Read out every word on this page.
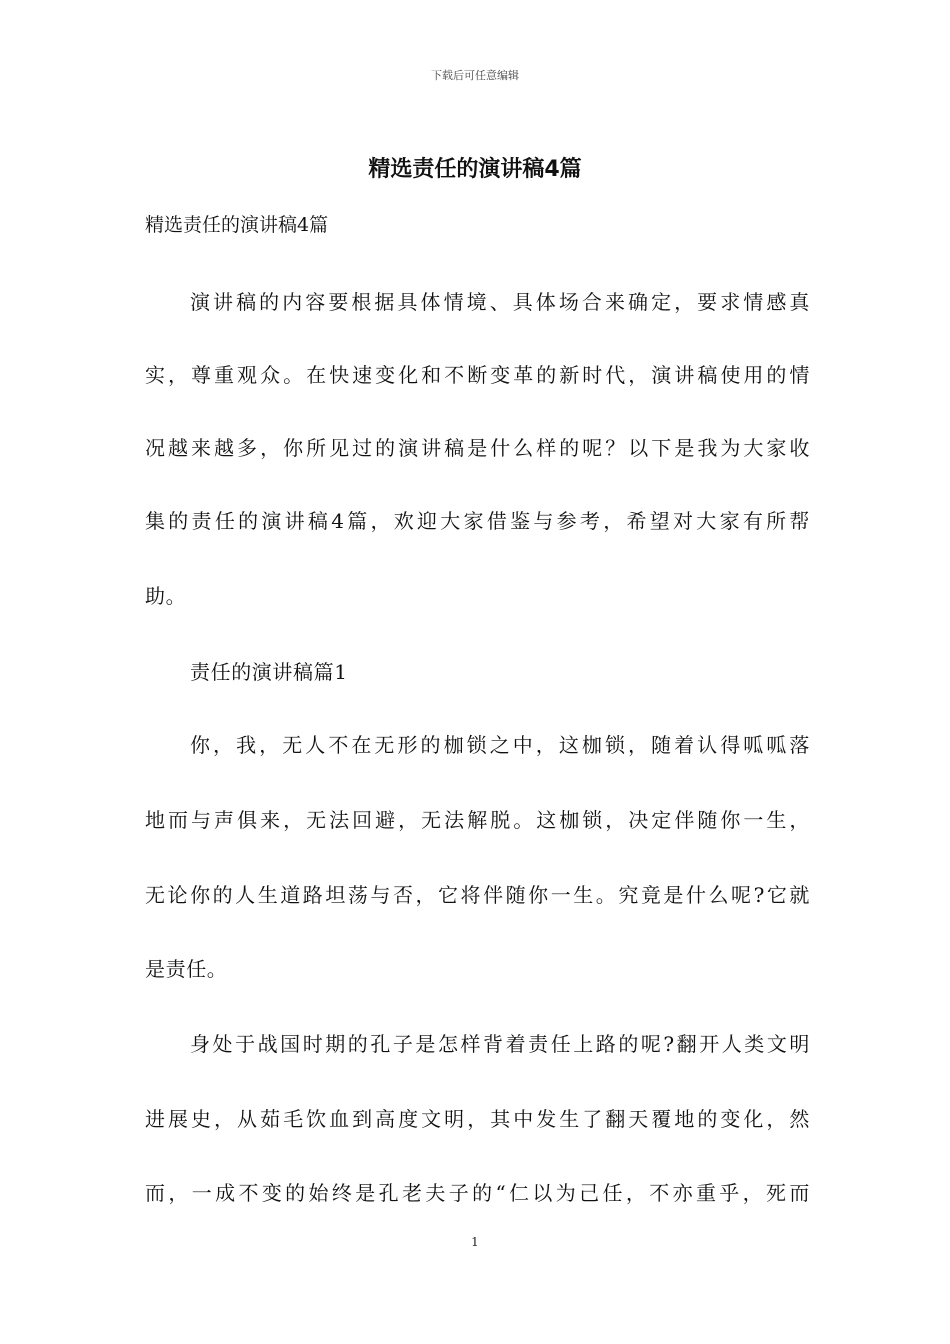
下载后可任意编辑
精选责任的演讲稿4篇
精选责任的演讲稿4篇
演讲稿的内容要根据具体情境、具体场合来确定，要求情感真
实，尊重观众。在快速变化和不断变革的新时代，演讲稿使用的情
况越来越多，你所见过的演讲稿是什么样的呢？以下是我为大家收
集的责任的演讲稿4篇，欢迎大家借鉴与参考，希望对大家有所帮
助。
责任的演讲稿篇1
你，我，无人不在无形的枷锁之中，这枷锁，随着认得呱呱落
地而与声俱来，无法回避，无法解脱。这枷锁，决定伴随你一生，
无论你的人生道路坦荡与否，它将伴随你一生。究竟是什么呢?它就
是责任。
身处于战国时期的孔子是怎样背着责任上路的呢?翻开人类文明
进展史，从茹毛饮血到高度文明，其中发生了翻天覆地的变化，然
而，一成不变的始终是孔老夫子的“仁以为己任，不亦重乎，死而
1
